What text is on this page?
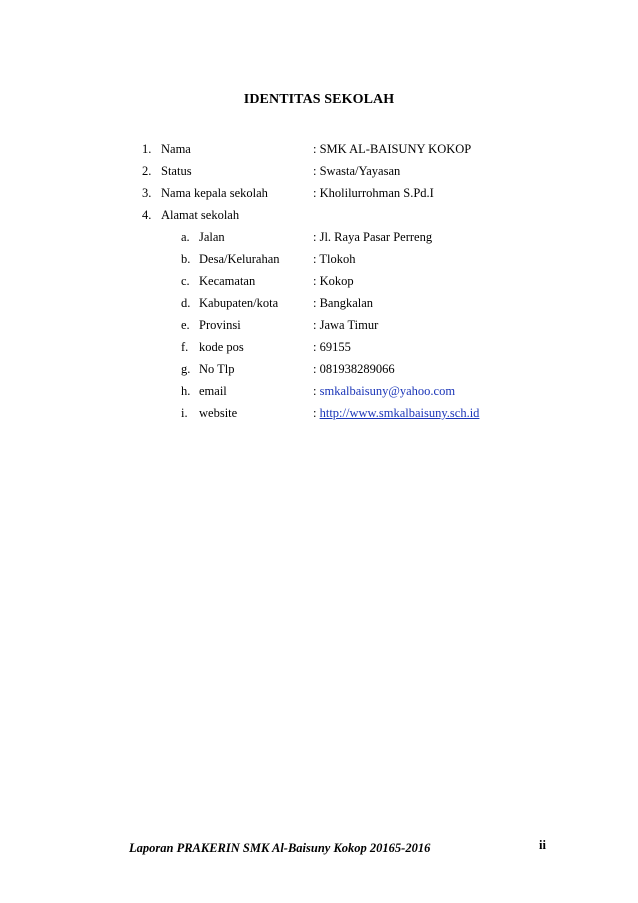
IDENTITAS SEKOLAH
1. Nama	: SMK AL-BAISUNY KOKOP
2. Status	: Swasta/Yayasan
3. Nama kepala sekolah	: Kholilurrohman S.Pd.I
4. Alamat sekolah
a. Jalan	: Jl. Raya Pasar Perreng
b. Desa/Kelurahan	: Tlokoh
c. Kecamatan	: Kokop
d. Kabupaten/kota	: Bangkalan
e. Provinsi	: Jawa Timur
f. kode pos	: 69155
g. No Tlp	: 081938289066
h. email	: smkalbaisuny@yahoo.com
i. website	: http://www.smkalbaisuny.sch.id
Laporan PRAKERIN SMK Al-Baisuny Kokop 20165-2016	ii
